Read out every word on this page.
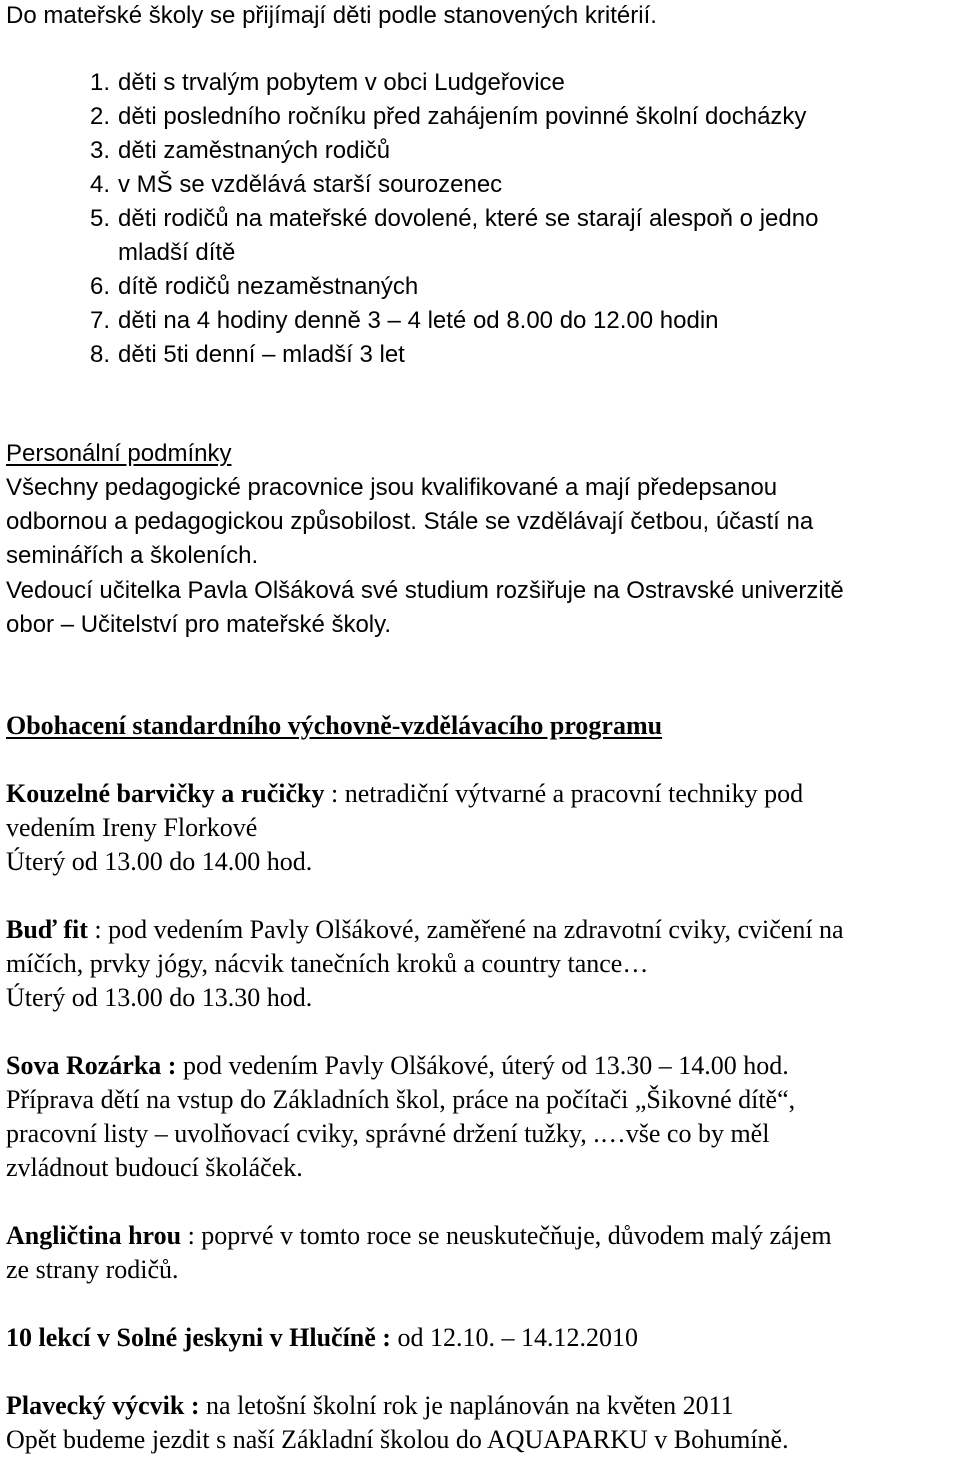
Do mateřské školy se přijímají děti podle stanovených kritérií.
1. děti s trvalým pobytem v obci Ludgeřovice
2. děti posledního ročníku před zahájením povinné školní docházky
3. děti zaměstnaných rodičů
4. v MŠ se vzdělává starší sourozenec
5. děti rodičů na mateřské dovolené, které se starají alespoň o jedno
mladší dítě
6. dítě rodičů nezaměstnaných
7. děti na 4 hodiny denně 3 – 4 leté od 8.00 do 12.00 hodin
8. děti 5ti denní – mladší 3 let
Personální podmínky
Všechny pedagogické pracovnice jsou kvalifikované a mají předepsanou
odbornou a pedagogickou způsobilost. Stále se vzdělávají četbou, účastí na
seminářích a školeních.
Vedoucí učitelka Pavla Olšáková své studium rozšiřuje na Ostravské univerzitě
obor – Učitelství pro mateřské školy.
Obohacení standardního výchovně-vzdělávacího programu
Kouzelné barvičky a ručičky : netradiční výtvarné a pracovní techniky pod
vedením Ireny Florkové
Úterý od 13.00 do 14.00 hod.
Buď fit : pod vedením Pavly Olšákové, zaměřené na zdravotní cviky, cvičení na
míčích, prvky jógy, nácvik tanečních kroků a country tance…
Úterý od 13.00 do 13.30 hod.
Sova Rozárka : pod vedením Pavly Olšákové, úterý od 13.30 – 14.00 hod.
Příprava dětí na vstup do Základních škol, práce na počítači „Šikovné dítě“,
pracovní listy – uvolňovací cviky, správné držení tužky, .…vše co by měl
zvládnout budoucí školáček.
Angličtina hrou : poprvé v tomto roce se neuskutečňuje, důvodem malý zájem
ze strany rodičů.
10 lekcí v Solné jeskyni v Hlučíně : od 12.10. – 14.12.2010
Plavecký výcvik : na letošní školní rok je naplánován na květen 2011
Opět budeme jezdit s naší Základní školou do AQUAPARKU v Bohumíně.
